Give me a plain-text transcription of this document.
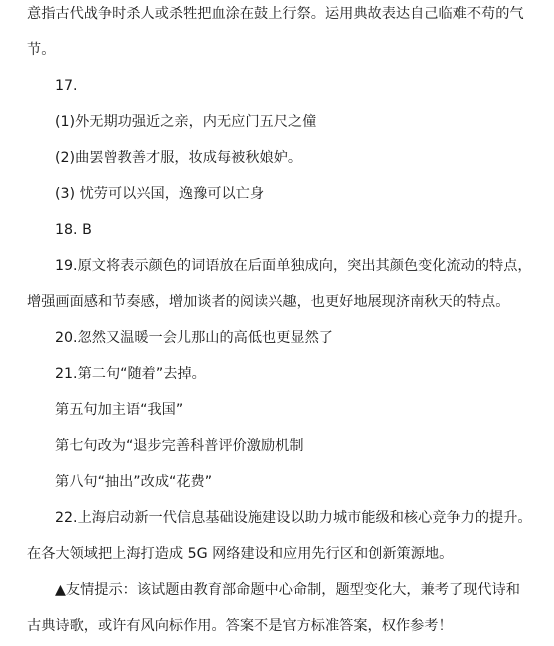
意指古代战争时杀人或杀牲把血涂在鼓上行祭。运用典故表达自己临难不苟的气
节。
17.
(1)外无期功强近之亲，内无应门五尺之僮
(2)曲罢曾教善才服，妆成每被秋娘妒。
(3) 忧劳可以兴国，逸豫可以亡身
18. B
19.原文将表示颜色的词语放在后面单独成向，突出其颜色变化流动的特点，
增强画面感和节奏感，增加谈者的阅读兴趣，也更好地展现济南秋天的特点。
20.忽然又温暖一会儿那山的高低也更显然了
21.第二句“随着”去掉。
第五句加主语“我国”
第七句改为“退步完善科普评价激励机制
第八句“抽出”改成“花费”
22.上海启动新一代信息基础设施建设以助力城市能级和核心竞争力的提升。
在各大领域把上海打造成 5G 网络建设和应用先行区和创新策源地。
▲友情提示：该试题由教育部命题中心命制，题型变化大，兼考了现代诗和
古典诗歌，或许有风向标作用。答案不是官方标准答案，权作参考！
